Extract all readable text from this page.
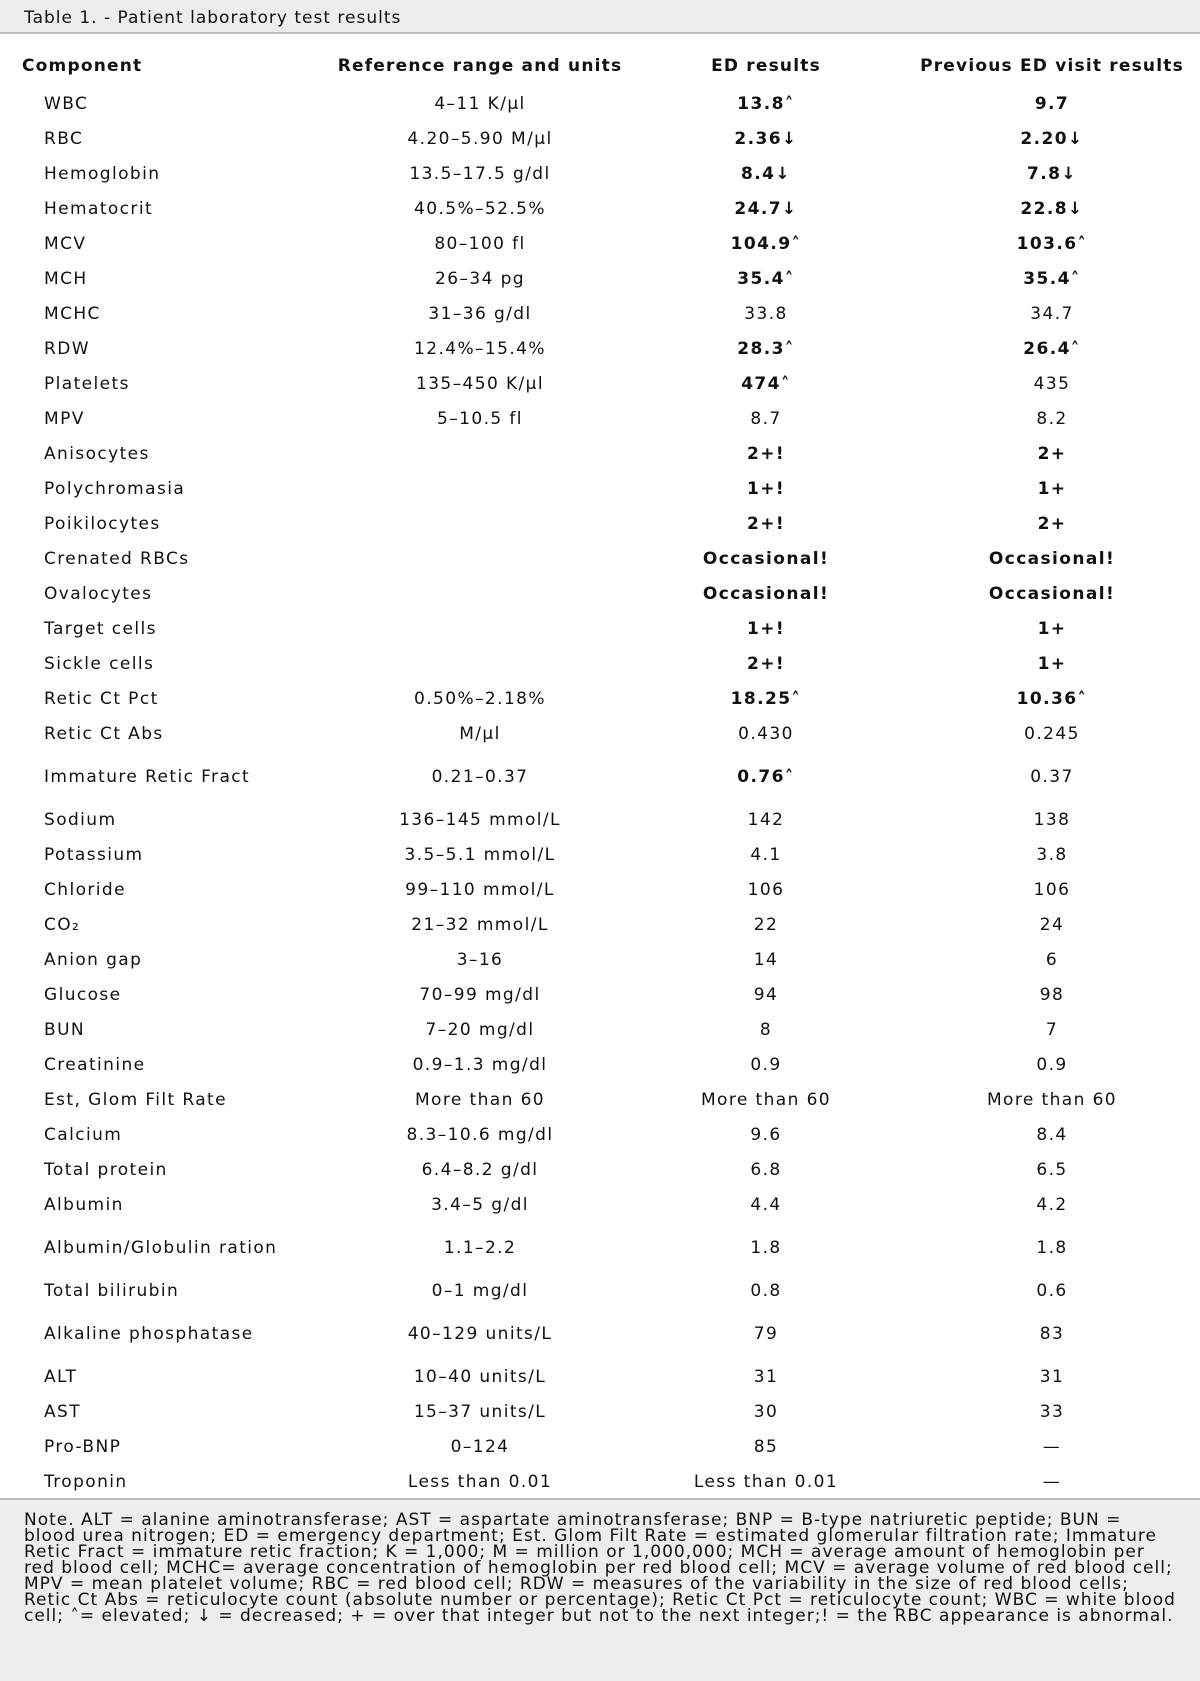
Table 1. - Patient laboratory test results
Component	Reference range and units	ED results	Previous ED visit results
WBC	4–11 K/μl	13.8˄	9.7
RBC	4.20–5.90 M/μl	2.36↓	2.20↓
Hemoglobin	13.5–17.5 g/dl	8.4↓	7.8↓
Hematocrit	40.5%–52.5%	24.7↓	22.8↓
MCV	80–100 fl	104.9˄	103.6˄
MCH	26–34 pg	35.4˄	35.4˄
MCHC	31–36 g/dl	33.8	34.7
RDW	12.4%–15.4%	28.3˄	26.4˄
Platelets	135–450 K/μl	474˄	435
MPV	5–10.5 fl	8.7	8.2
Anisocytes		2+!	2+
Polychromasia		1+!	1+
Poikilocytes		2+!	2+
Crenated RBCs		Occasional!	Occasional!
Ovalocytes		Occasional!	Occasional!
Target cells		1+!	1+
Sickle cells		2+!	1+
Retic Ct Pct	0.50%–2.18%	18.25˄	10.36˄
Retic Ct Abs	M/μl	0.430	0.245
Immature Retic Fract	0.21–0.37	0.76˄	0.37
Sodium	136–145 mmol/L	142	138
Potassium	3.5–5.1 mmol/L	4.1	3.8
Chloride	99–110 mmol/L	106	106
CO₂	21–32 mmol/L	22	24
Anion gap	3–16	14	6
Glucose	70–99 mg/dl	94	98
BUN	7–20 mg/dl	8	7
Creatinine	0.9–1.3 mg/dl	0.9	0.9
Est, Glom Filt Rate	More than 60	More than 60	More than 60
Calcium	8.3–10.6 mg/dl	9.6	8.4
Total protein	6.4–8.2 g/dl	6.8	6.5
Albumin	3.4–5 g/dl	4.4	4.2
Albumin/Globulin ration	1.1–2.2	1.8	1.8
Total bilirubin	0–1 mg/dl	0.8	0.6
Alkaline phosphatase	40–129 units/L	79	83
ALT	10–40 units/L	31	31
AST	15–37 units/L	30	33
Pro-BNP	0–124	85	—
Troponin	Less than 0.01	Less than 0.01	—
Note. ALT = alanine aminotransferase; AST = aspartate aminotransferase; BNP = B-type natriuretic peptide; BUN = blood urea nitrogen; ED = emergency department; Est. Glom Filt Rate = estimated glomerular filtration rate; Immature Retic Fract = immature retic fraction; K = 1,000; M = million or 1,000,000; MCH = average amount of hemoglobin per red blood cell; MCHC= average concentration of hemoglobin per red blood cell; MCV = average volume of red blood cell; MPV = mean platelet volume; RBC = red blood cell; RDW = measures of the variability in the size of red blood cells; Retic Ct Abs = reticulocyte count (absolute number or percentage); Retic Ct Pct = reticulocyte count; WBC = white blood cell; ˄= elevated; ↓ = decreased; + = over that integer but not to the next integer;! = the RBC appearance is abnormal.
